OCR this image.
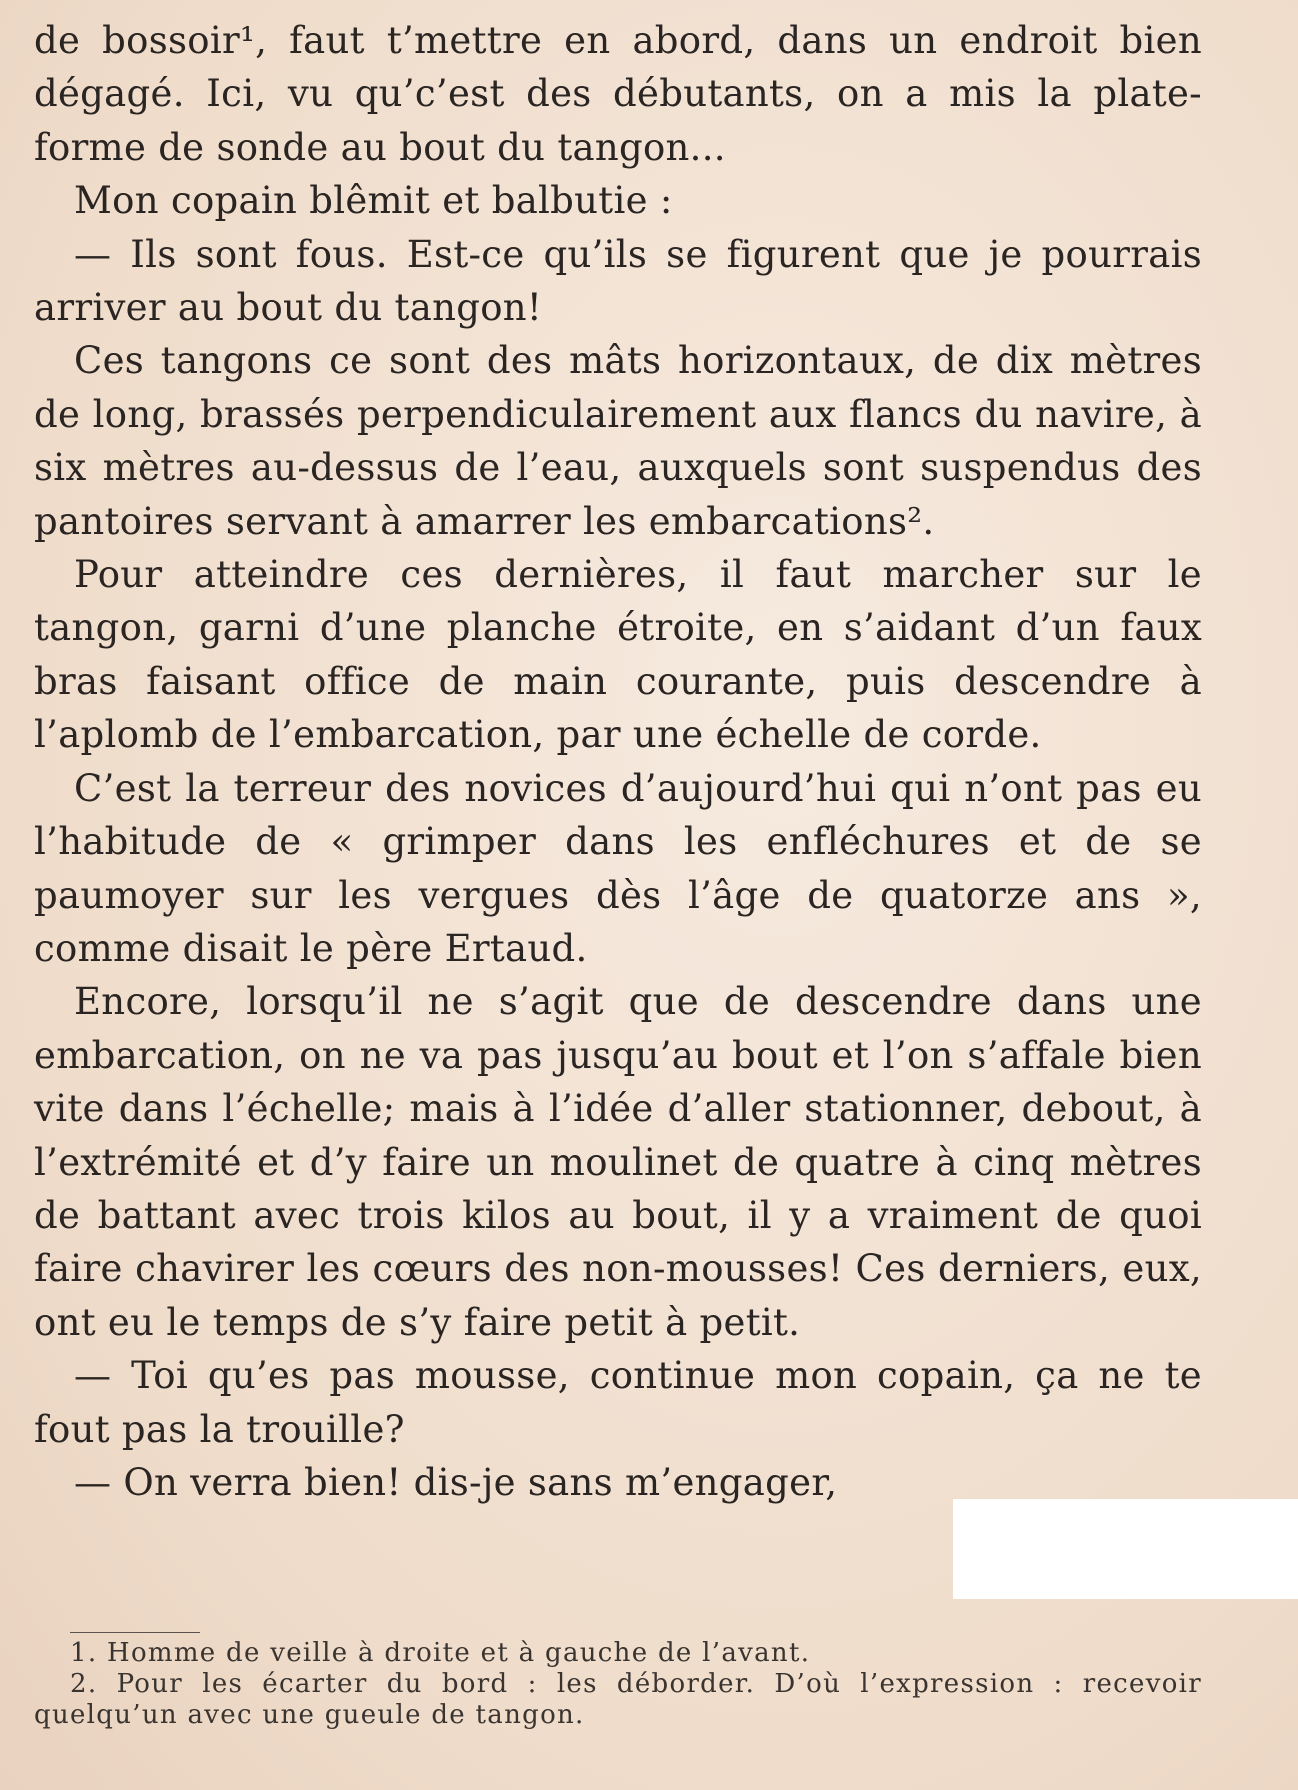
de bossoir¹, faut t’mettre en abord, dans un endroit bien dégagé. Ici, vu qu’c’est des débutants, on a mis la plate-forme de sonde au bout du tangon...

Mon copain blêmit et balbutie :

— Ils sont fous. Est-ce qu’ils se figurent que je pourrais arriver au bout du tangon!

Ces tangons ce sont des mâts horizontaux, de dix mètres de long, brassés perpendiculairement aux flancs du navire, à six mètres au-dessus de l’eau, auxquels sont suspendus des pantoires servant à amarrer les embarcations².

Pour atteindre ces dernières, il faut marcher sur le tangon, garni d’une planche étroite, en s’aidant d’un faux bras faisant office de main courante, puis descendre à l’aplomb de l’embarcation, par une échelle de corde.

C’est la terreur des novices d’aujourd’hui qui n’ont pas eu l’habitude de « grimper dans les enfléchures et de se paumoyer sur les vergues dès l’âge de quatorze ans », comme disait le père Ertaud.

Encore, lorsqu’il ne s’agit que de descendre dans une embarcation, on ne va pas jusqu’au bout et l’on s’affale bien vite dans l’échelle; mais à l’idée d’aller stationner, debout, à l’extrémité et d’y faire un moulinet de quatre à cinq mètres de battant avec trois kilos au bout, il y a vraiment de quoi faire chavirer les cœurs des non-mousses! Ces derniers, eux, ont eu le temps de s’y faire petit à petit.

— Toi qu’es pas mousse, continue mon copain, ça ne te fout pas la trouille?

— On verra bien! dis-je sans m’engager,

1. Homme de veille à droite et à gauche de l’avant.

2. Pour les écarter du bord : les déborder. D’où l’expression : recevoir quelqu’un avec une gueule de tangon.
